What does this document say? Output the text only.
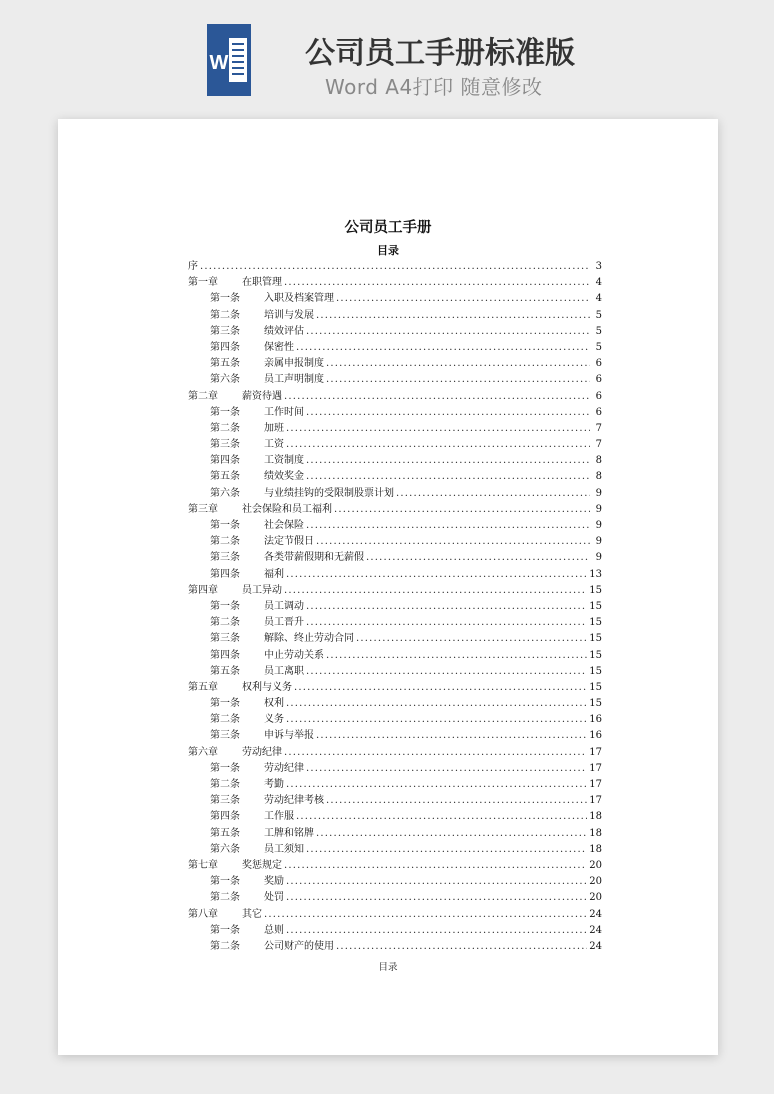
W	公司员工手册标准版
Word A4打印 随意修改
公司员工手册
目录
序 .....	3
第一章	在职管理 .....	4
第一条	入职及档案管理 .....	4
第二条	培训与发展 .....	5
第三条	绩效评估 .....	5
第四条	保密性 .....	5
第五条	亲属申报制度 .....	6
第六条	员工声明制度 .....	6
第二章	薪资待遇 .....	6
第一条	工作时间 .....	6
第二条	加班 .....	7
第三条	工资 .....	7
第四条	工资制度 .....	8
第五条	绩效奖金 .....	8
第六条	与业绩挂钩的受限制股票计划 .....	9
第三章	社会保险和员工福利 .....	9
第一条	社会保险 .....	9
第二条	法定节假日 .....	9
第三条	各类带薪假期和无薪假 .....	9
第四条	福利 .....	13
第四章	员工异动 .....	15
第一条	员工调动 .....	15
第二条	员工晋升 .....	15
第三条	解除、终止劳动合同 .....	15
第四条	中止劳动关系 .....	15
第五条	员工离职 .....	15
第五章	权利与义务 .....	15
第一条	权利 .....	15
第二条	义务 .....	16
第三条	申诉与举报 .....	16
第六章	劳动纪律 .....	17
第一条	劳动纪律 .....	17
第二条	考勤 .....	17
第三条	劳动纪律考核 .....	17
第四条	工作服 .....	18
第五条	工牌和铭牌 .....	18
第六条	员工须知 .....	18
第七章	奖惩规定 .....	20
第一条	奖励 .....	20
第二条	处罚 .....	20
第八章	其它 .....	24
第一条	总则 .....	24
第二条	公司财产的使用 .....	24
目录
